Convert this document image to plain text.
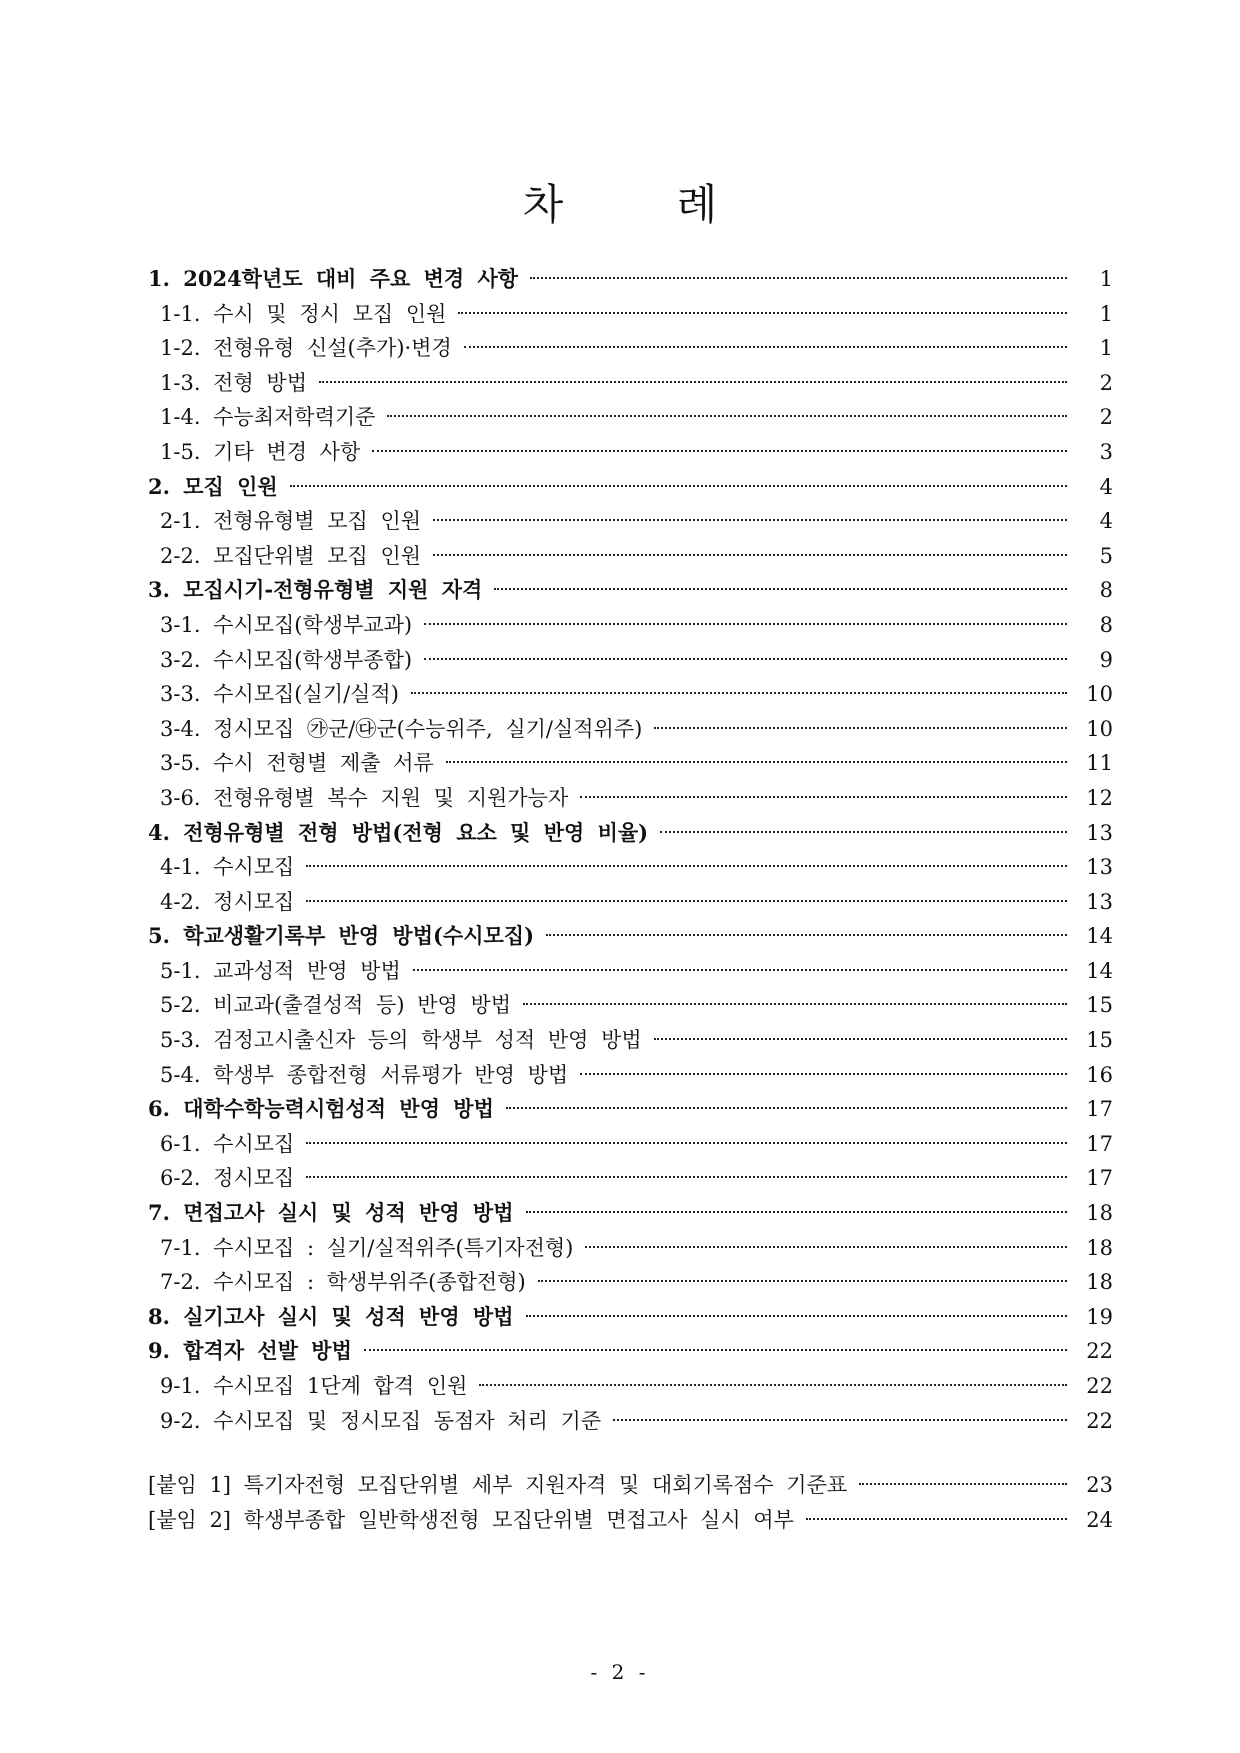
차 례
1. 2024학년도 대비 주요 변경 사항	1
1-1. 수시 및 정시 모집 인원	1
1-2. 전형유형 신설(추가)·변경	1
1-3. 전형 방법	2
1-4. 수능최저학력기준	2
1-5. 기타 변경 사항	3
2. 모집 인원	4
2-1. 전형유형별 모집 인원	4
2-2. 모집단위별 모집 인원	5
3. 모집시기-전형유형별 지원 자격	8
3-1. 수시모집(학생부교과)	8
3-2. 수시모집(학생부종합)	9
3-3. 수시모집(실기/실적)	10
3-4. 정시모집 ㉮군/㉰군(수능위주, 실기/실적위주)	10
3-5. 수시 전형별 제출 서류	11
3-6. 전형유형별 복수 지원 및 지원가능자	12
4. 전형유형별 전형 방법(전형 요소 및 반영 비율)	13
4-1. 수시모집	13
4-2. 정시모집	13
5. 학교생활기록부 반영 방법(수시모집)	14
5-1. 교과성적 반영 방법	14
5-2. 비교과(출결성적 등) 반영 방법	15
5-3. 검정고시출신자 등의 학생부 성적 반영 방법	15
5-4. 학생부 종합전형 서류평가 반영 방법	16
6. 대학수학능력시험성적 반영 방법	17
6-1. 수시모집	17
6-2. 정시모집	17
7. 면접고사 실시 및 성적 반영 방법	18
7-1. 수시모집 : 실기/실적위주(특기자전형)	18
7-2. 수시모집 : 학생부위주(종합전형)	18
8. 실기고사 실시 및 성적 반영 방법	19
9. 합격자 선발 방법	22
9-1. 수시모집 1단계 합격 인원	22
9-2. 수시모집 및 정시모집 동점자 처리 기준	22
[붙임 1] 특기자전형 모집단위별 세부 지원자격 및 대회기록점수 기준표	23
[붙임 2] 학생부종합 일반학생전형 모집단위별 면접고사 실시 여부	24
- 2 -
